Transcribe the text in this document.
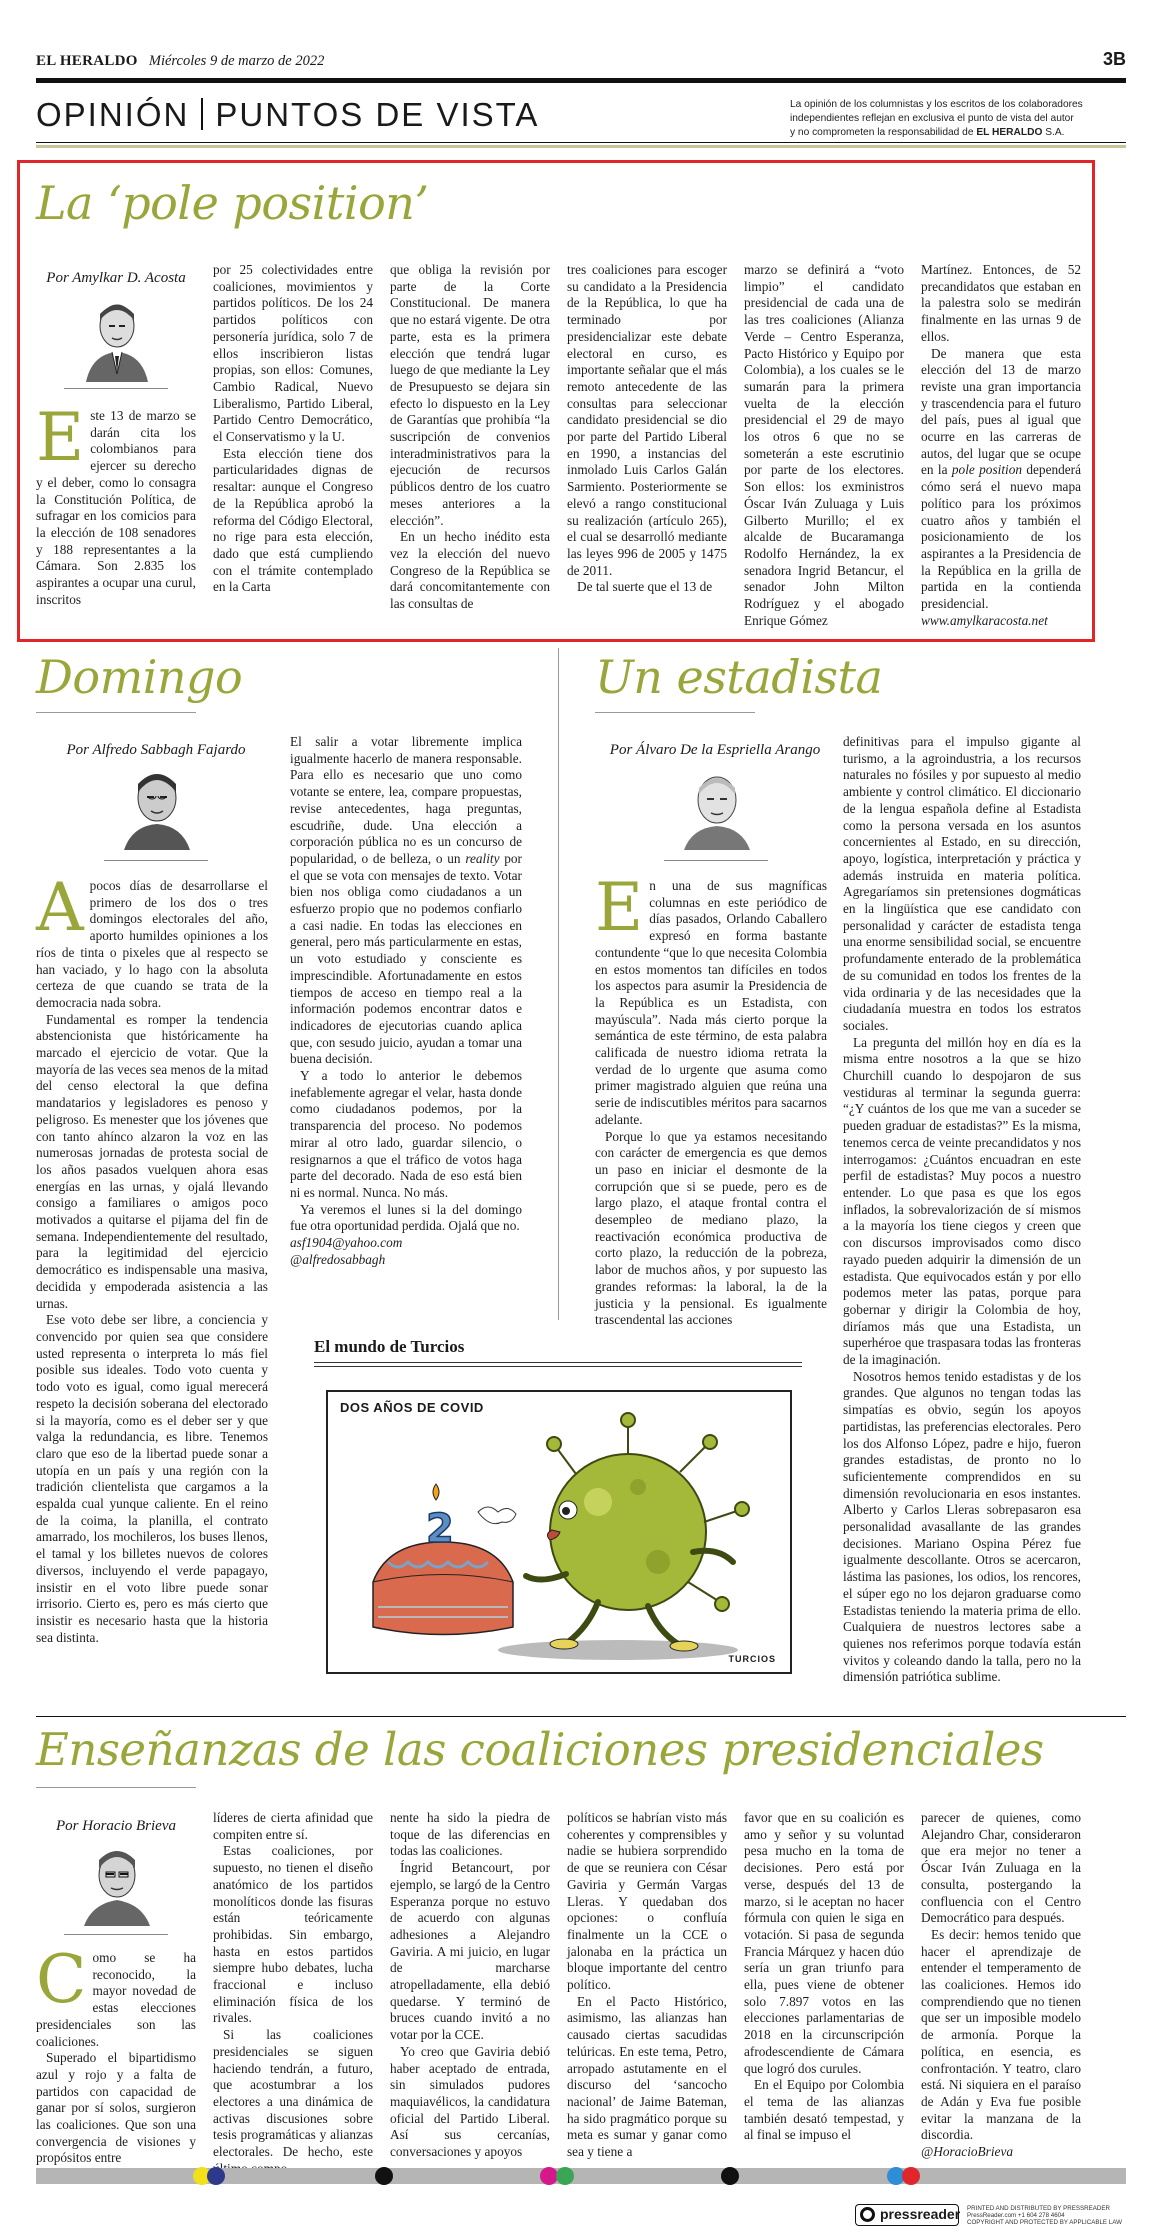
EL HERALDO Miércoles 9 de marzo de 2022	3B
OPINIÓN PUNTOS DE VISTA	La opinión de los columnistas y los escritos de los colaboradores
independientes reflejan en exclusiva el punto de vista del autor
y no comprometen la responsabilidad de EL HERALDO S.A.
La ‘pole position’
Por Amylkar D. Acosta

Este 13 de marzo se darán cita los colombianos para ejercer su derecho y el deber, como lo consagra la Constitución Política, de sufragar en los comicios para la elección de 108 senadores y 188 representantes a la Cámara. Son 2.835 los aspirantes a ocupar una curul, inscritos

por 25 colectividades entre coaliciones, movimientos y partidos políticos. De los 24 partidos políticos con personería jurídica, solo 7 de ellos inscribieron listas propias, son ellos: Comunes, Cambio Radical, Nuevo Liberalismo, Partido Liberal, Partido Centro Democrático, el Conservatismo y la U.

Esta elección tiene dos particularidades dignas de resaltar: aunque el Congreso de la República aprobó la reforma del Código Electoral, no rige para esta elección, dado que está cumpliendo con el trámite contemplado en la Carta

que obliga la revisión por parte de la Corte Constitucional. De manera que no estará vigente. De otra parte, esta es la primera elección que tendrá lugar luego de que mediante la Ley de Presupuesto se dejara sin efecto lo dispuesto en la Ley de Garantías que prohibía “la suscripción de convenios interadministrativos para la ejecución de recursos públicos dentro de los cuatro meses anteriores a la elección”.

En un hecho inédito esta vez la elección del nuevo Congreso de la República se dará concomitantemente con las consultas de

tres coaliciones para escoger su candidato a la Presidencia de la República, lo que ha terminado por presidencializar este debate electoral en curso, es importante señalar que el más remoto antecedente de las consultas para seleccionar candidato presidencial se dio por parte del Partido Liberal en 1990, a instancias del inmolado Luis Carlos Galán Sarmiento. Posteriormente se elevó a rango constitucional su realización (artículo 265), el cual se desarrolló mediante las leyes 996 de 2005 y 1475 de 2011.

De tal suerte que el 13 de

marzo se definirá a “voto limpio” el candidato presidencial de cada una de las tres coaliciones (Alianza Verde – Centro Esperanza, Pacto Histórico y Equipo por Colombia), a los cuales se le sumarán para la primera vuelta de la elección presidencial el 29 de mayo los otros 6 que no se someterán a este escrutinio por parte de los electores. Son ellos: los exministros Óscar Iván Zuluaga y Luis Gilberto Murillo; el ex alcalde de Bucaramanga Rodolfo Hernández, la ex senadora Ingrid Betancur, el senador John Milton Rodríguez y el abogado Enrique Gómez

Martínez. Entonces, de 52 precandidatos que estaban en la palestra solo se medirán finalmente en las urnas 9 de ellos.

De manera que esta elección del 13 de marzo reviste una gran importancia y trascendencia para el futuro del país, pues al igual que ocurre en las carreras de autos, del lugar que se ocupe en la pole position dependerá cómo será el nuevo mapa político para los próximos cuatro años y también el posicionamiento de los aspirantes a la Presidencia de la República en la grilla de partida en la contienda presidencial.

www.amylkaracosta.net

Domingo
Por Alfredo Sabbagh Fajardo

Apocos días de desarrollarse el primero de los dos o tres domingos electorales del año, aporto humildes opiniones a los ríos de tinta o pixeles que al respecto se han vaciado, y lo hago con la absoluta certeza de que cuando se trata de la democracia nada sobra.

Fundamental es romper la tendencia abstencionista que históricamente ha marcado el ejercicio de votar. Que la mayoría de las veces sea menos de la mitad del censo electoral la que defina mandatarios y legisladores es penoso y peligroso. Es menester que los jóvenes que con tanto ahínco alzaron la voz en las numerosas jornadas de protesta social de los años pasados vuelquen ahora esas energías en las urnas, y ojalá llevando consigo a familiares o amigos poco motivados a quitarse el pijama del fin de semana. Independientemente del resultado, para la legitimidad del ejercicio democrático es indispensable una masiva, decidida y empoderada asistencia a las urnas.

Ese voto debe ser libre, a conciencia y convencido por quien sea que considere usted representa o interpreta lo más fiel posible sus ideales. Todo voto cuenta y todo voto es igual, como igual merecerá respeto la decisión soberana del electorado si la mayoría, como es el deber ser y que valga la redundancia, es libre. Tenemos claro que eso de la libertad puede sonar a utopía en un país y una región con la tradición clientelista que cargamos a la espalda cual yunque caliente. En el reino de la coima, la planilla, el contrato amarrado, los mochileros, los buses llenos, el tamal y los billetes nuevos de colores diversos, incluyendo el verde papagayo, insistir en el voto libre puede sonar irrisorio. Cierto es, pero es más cierto que insistir es necesario hasta que la historia sea distinta.

El salir a votar libremente implica igualmente hacerlo de manera responsable. Para ello es necesario que uno como votante se entere, lea, compare propuestas, revise antecedentes, haga preguntas, escudriñe, dude. Una elección a corporación pública no es un concurso de popularidad, o de belleza, o un reality por el que se vota con mensajes de texto. Votar bien nos obliga como ciudadanos a un esfuerzo propio que no podemos confiarlo a casi nadie. En todas las elecciones en general, pero más particularmente en estas, un voto estudiado y consciente es imprescindible. Afortunadamente en estos tiempos de acceso en tiempo real a la información podemos encontrar datos e indicadores de ejecutorias cuando aplica que, con sesudo juicio, ayudan a tomar una buena decisión.

Y a todo lo anterior le debemos inefablemente agregar el velar, hasta donde como ciudadanos podemos, por la transparencia del proceso. No podemos mirar al otro lado, guardar silencio, o resignarnos a que el tráfico de votos haga parte del decorado. Nada de eso está bien ni es normal. Nunca. No más.

Ya veremos el lunes si la del domingo fue otra oportunidad perdida. Ojalá que no.

asf1904@yahoo.com

@alfredosabbagh

Un estadista
Por Álvaro De la Espriella Arango

En una de sus magníficas columnas en este periódico de días pasados, Orlando Caballero expresó en forma bastante contundente “que lo que necesita Colombia en estos momentos tan difíciles en todos los aspectos para asumir la Presidencia de la República es un Estadista, con mayúscula”. Nada más cierto porque la semántica de este término, de esta palabra calificada de nuestro idioma retrata la verdad de lo urgente que asuma como primer magistrado alguien que reúna una serie de indiscutibles méritos para sacarnos adelante.

Porque lo que ya estamos necesitando con carácter de emergencia es que demos un paso en iniciar el desmonte de la corrupción que si se puede, pero es de largo plazo, el ataque frontal contra el desempleo de mediano plazo, la reactivación económica productiva de corto plazo, la reducción de la pobreza, labor de muchos años, y por supuesto las grandes reformas: la laboral, la de la justicia y la pensional. Es igualmente trascendental las acciones

definitivas para el impulso gigante al turismo, a la agroindustria, a los recursos naturales no fósiles y por supuesto al medio ambiente y control climático. El diccionario de la lengua española define al Estadista como la persona versada en los asuntos concernientes al Estado, en su dirección, apoyo, logística, interpretación y práctica y además instruida en materia política. Agregaríamos sin pretensiones dogmáticas en la lingüística que ese candidato con personalidad y carácter de estadista tenga una enorme sensibilidad social, se encuentre profundamente enterado de la problemática de su comunidad en todos los frentes de la vida ordinaria y de las necesidades que la ciudadanía muestra en todos los estratos sociales.

La pregunta del millón hoy en día es la misma entre nosotros a la que se hizo Churchill cuando lo despojaron de sus vestiduras al terminar la segunda guerra: “¿Y cuántos de los que me van a suceder se pueden graduar de estadistas?” Es la misma, tenemos cerca de veinte precandidatos y nos interrogamos: ¿Cuántos encuadran en este perfil de estadistas? Muy pocos a nuestro entender. Lo que pasa es que los egos inflados, la sobrevalorización de sí mismos a la mayoría los tiene ciegos y creen que con discursos improvisados como disco rayado pueden adquirir la dimensión de un estadista. Que equivocados están y por ello podemos meter las patas, porque para gobernar y dirigir la Colombia de hoy, diríamos más que una Estadista, un superhéroe que traspasara todas las fronteras de la imaginación.

Nosotros hemos tenido estadistas y de los grandes. Que algunos no tengan todas las simpatías es obvio, según los apoyos partidistas, las preferencias electorales. Pero los dos Alfonso López, padre e hijo, fueron grandes estadistas, de pronto no lo suficientemente comprendidos en su dimensión revolucionaria en esos instantes. Alberto y Carlos Lleras sobrepasaron esa personalidad avasallante de las grandes decisiones. Mariano Ospina Pérez fue igualmente descollante. Otros se acercaron, lástima las pasiones, los odios, los rencores, el súper ego no los dejaron graduarse como Estadistas teniendo la materia prima de ello. Cualquiera de nuestros lectores sabe a quienes nos referimos porque todavía están vivitos y coleando dando la talla, pero no la dimensión patriótica sublime.

El mundo de Turcios
DOS AÑOS DE COVID
2
TURCIOS
Enseñanzas de las coaliciones presidenciales
Por Horacio Brieva

Como se ha reconocido, la mayor novedad de estas elecciones presidenciales son las coaliciones.

Superado el bipartidismo azul y rojo y a falta de partidos con capacidad de ganar por sí solos, surgieron las coaliciones. Que son una convergencia de visiones y propósitos entre

líderes de cierta afinidad que compiten entre sí.

Estas coaliciones, por supuesto, no tienen el diseño anatómico de los partidos monolíticos donde las fisuras están teóricamente prohibidas. Sin embargo, hasta en estos partidos siempre hubo debates, lucha fraccional e incluso eliminación física de los rivales.

Si las coaliciones presidenciales se siguen haciendo tendrán, a futuro, que acostumbrar a los electores a una dinámica de activas discusiones sobre tesis programáticas y alianzas electorales. De hecho, este

nente ha sido la piedra de toque de las diferencias en todas las coaliciones.

Íngrid Betancourt, por ejemplo, se largó de la Centro Esperanza porque no estuvo de acuerdo con algunas adhesiones a Alejandro Gaviria. A mi juicio, en lugar de marcharse atropelladamente, ella debió quedarse. Y terminó de bruces cuando invitó a no votar por la CCE.

Yo creo que Gaviria debió haber aceptado de entrada, sin simulados pudores maquiavélicos, la candidatura oficial del Partido Liberal. Así sus cercanías, conversaciones y apoyos

políticos se habrían visto más coherentes y comprensibles y nadie se hubiera sorprendido de que se reuniera con César Gaviria y Germán Vargas Lleras. Y quedaban dos opciones: o confluía finalmente un la CCE o jalonaba en la práctica un bloque importante del centro político.

En el Pacto Histórico, asimismo, las alianzas han causado ciertas sacudidas telúricas. En este tema, Petro, arropado astutamente en el discurso del ‘sancocho nacional’ de Jaime Bateman, ha sido pragmático porque su meta es sumar y ganar como sea y tiene a

favor que en su coalición es amo y señor y su voluntad pesa mucho en la toma de decisiones. Pero está por verse, después del 13 de marzo, si le aceptan no hacer fórmula con quien le siga en votación. Si pasa de segunda Francia Márquez y hacen dúo sería un gran triunfo para ella, pues viene de obtener solo 7.897 votos en las elecciones parlamentarias de 2018 en la circunscripción afrodescendiente de Cámara que logró dos curules.

En el Equipo por Colombia el tema de las alianzas también desató tempestad, y al final se impuso el

parecer de quienes, como Alejandro Char, consideraron que era mejor no tener a Óscar Iván Zuluaga en la consulta, postergando la confluencia con el Centro Democrático para después.

Es decir: hemos tenido que hacer el aprendizaje de entender el temperamento de las coaliciones. Hemos ido comprendiendo que no tienen que ser un imposible modelo de armonía. Porque la política, en esencia, es confrontación. Y teatro, claro está. Ni siquiera en el paraíso de Adán y Eva fue posible evitar la manzana de la discordia.

@HoracioBrieva

pressreader PRINTED AND DISTRIBUTED BY PRESSREADER
PressReader.com +1 604 278 4604
COPYRIGHT AND PROTECTED BY APPLICABLE LAW
